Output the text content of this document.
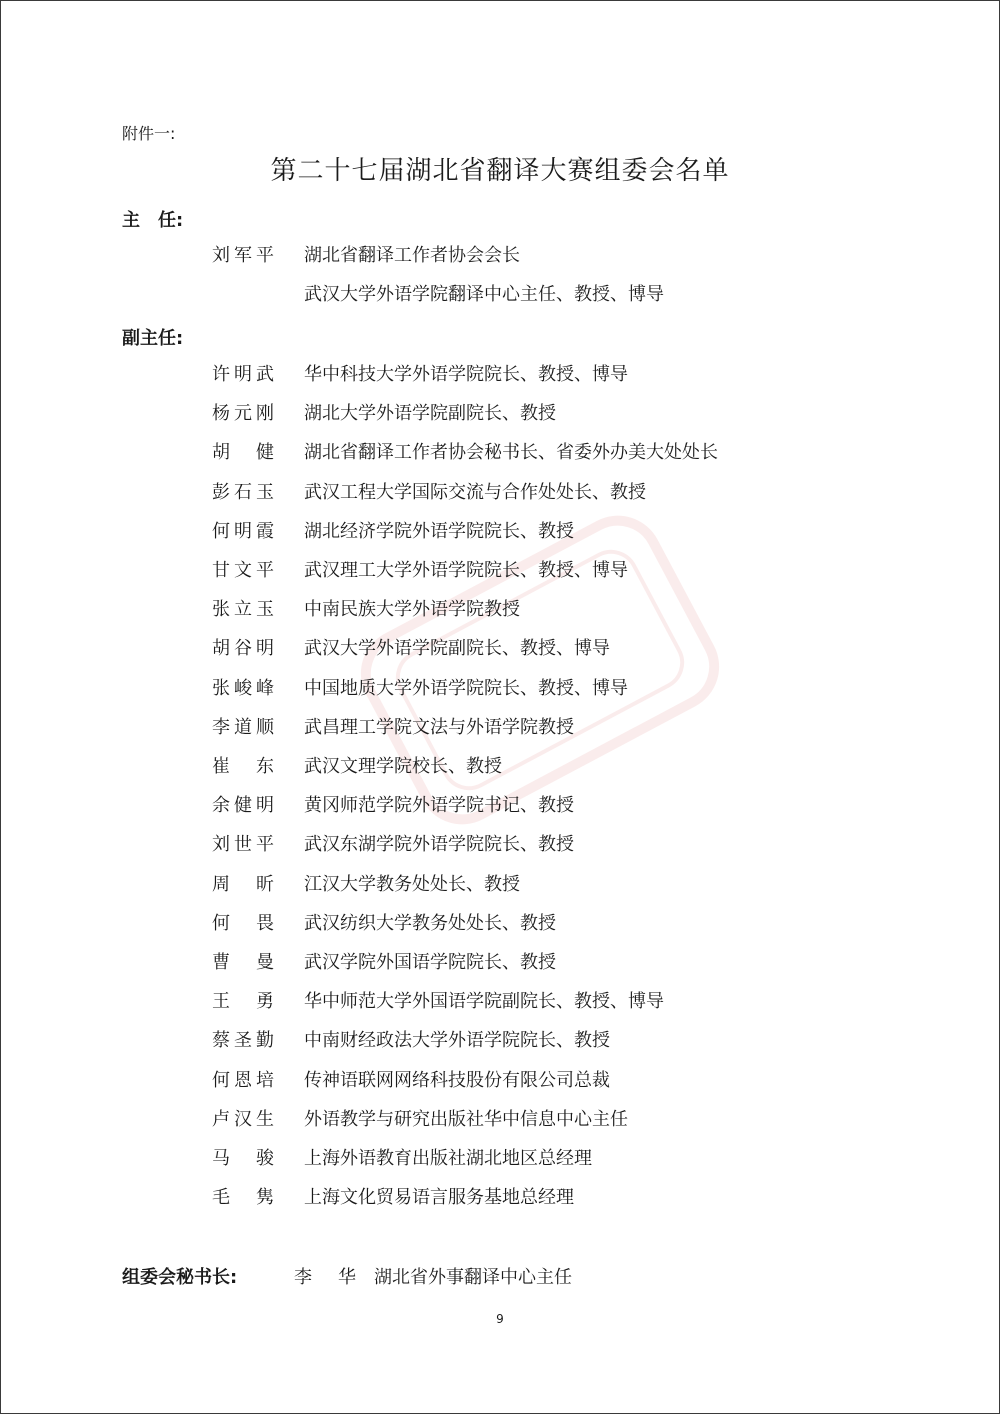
附件一:
第二十七届湖北省翻译大赛组委会名单
主　任:
刘 军 平 湖北省翻译工作者协会会长
武汉大学外语学院翻译中心主任、教授、博导
副主任:
许 明 武 华中科技大学外语学院院长、教授、博导
杨 元 刚 湖北大学外语学院副院长、教授
胡 健 湖北省翻译工作者协会秘书长、省委外办美大处处长
彭 石 玉 武汉工程大学国际交流与合作处处长、教授
何 明 霞 湖北经济学院外语学院院长、教授
甘 文 平 武汉理工大学外语学院院长、教授、博导
张 立 玉 中南民族大学外语学院教授
胡 谷 明 武汉大学外语学院副院长、教授、博导
张 峻 峰 中国地质大学外语学院院长、教授、博导
李 道 顺 武昌理工学院文法与外语学院教授
崔 东 武汉文理学院校长、教授
余 健 明 黄冈师范学院外语学院书记、教授
刘 世 平 武汉东湖学院外语学院院长、教授
周 昕 江汉大学教务处处长、教授
何 畏 武汉纺织大学教务处处长、教授
曹 曼 武汉学院外国语学院院长、教授
王 勇 华中师范大学外国语学院副院长、教授、博导
蔡 圣 勤 中南财经政法大学外语学院院长、教授
何 恩 培 传神语联网网络科技股份有限公司总裁
卢 汉 生 外语教学与研究出版社华中信息中心主任
马 骏 上海外语教育出版社湖北地区总经理
毛 隽 上海文化贸易语言服务基地总经理
组委会秘书长:	李 华 湖北省外事翻译中心主任
9
